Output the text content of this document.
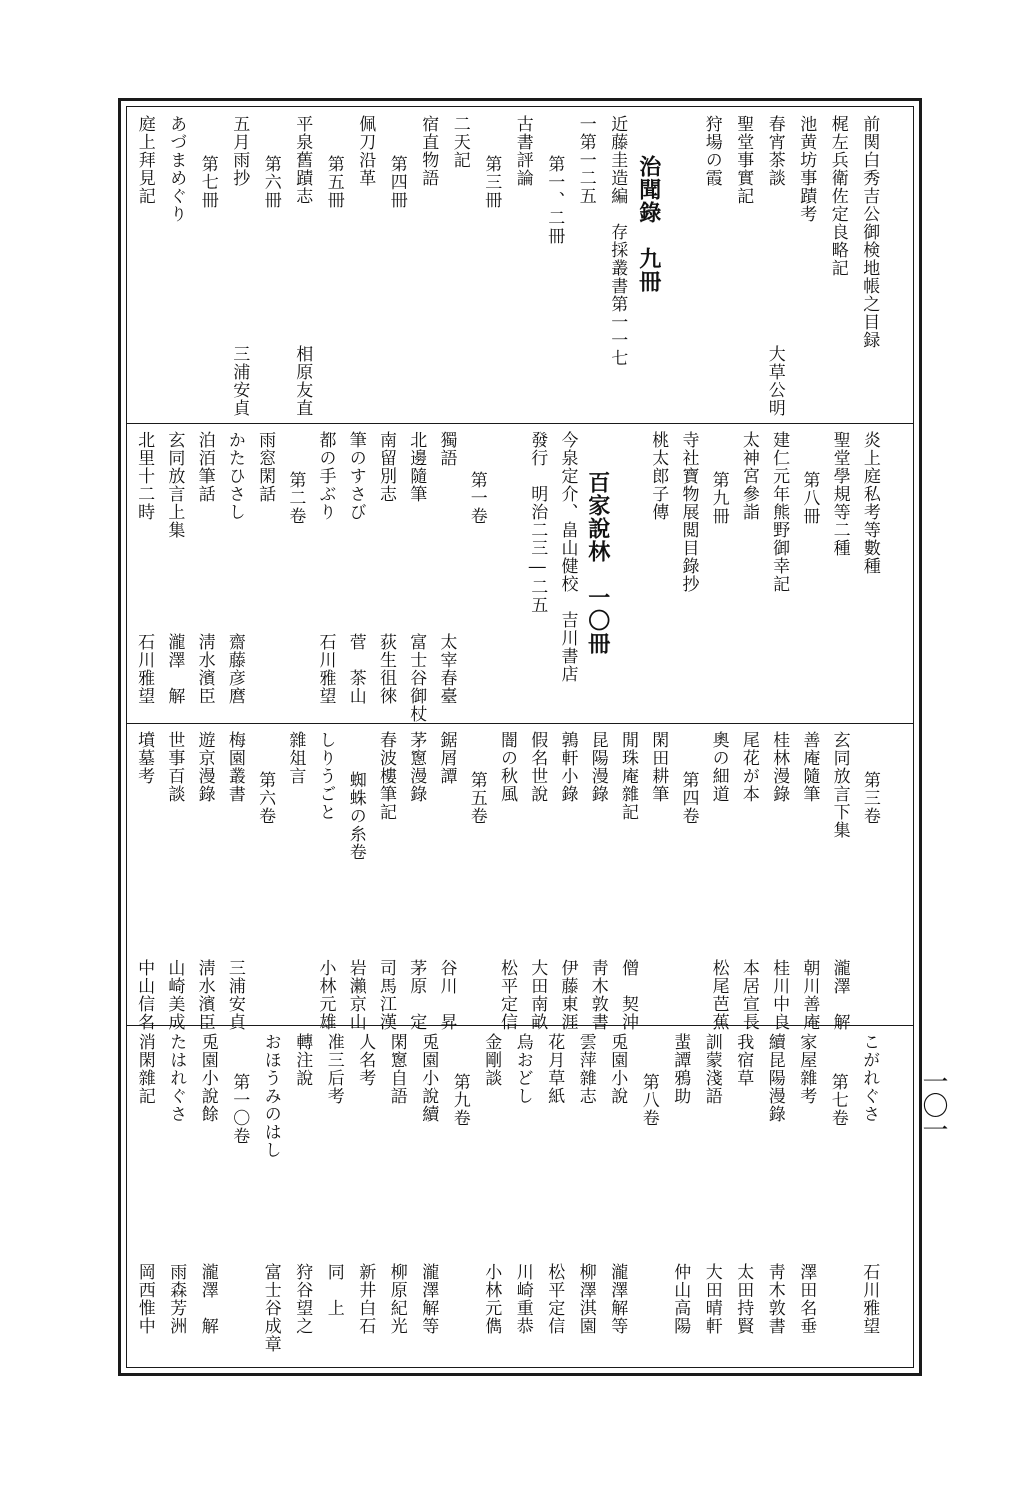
一〇一
前関白秀吉公御検地帳之目録
梶左兵衛佐定良略記
池黄坊事蹟考
春宵茶談
大草公明
聖堂事實記
狩場の霞
治聞錄　九冊
近藤圭造編　存採叢書第一一七
一第一二五
第一、二冊
古書評論
第三冊
二天記
宿直物語
第四冊
佩刀沿革
第五冊
平泉舊蹟志
相原友直
第六冊
五月雨抄
三浦安貞
第七冊
あづまめぐり
庭上拜見記
炎上庭私考等數種
聖堂學規等二種
第八冊
建仁元年熊野御幸記
太神宮參詣
第九冊
寺社寶物展閲目錄抄
桃太郎子傳
百家說林　一〇冊
今泉定介、畠山健校　吉川書店
發行　明治二三―二五
第一卷
獨語
太宰春臺
北邊隨筆
富士谷御杖
南留別志
荻生徂徠
筆のすさび
菅　茶山
都の手ぶり
石川雅望
第二卷
雨窓閑話
かたひさし
齋藤彦麿
泊洦筆話
淸水濱臣
玄同放言上集
瀧澤　解
北里十二時
石川雅望
第三卷
玄同放言下集
瀧澤　解
善庵隨筆
朝川善庵
桂林漫錄
桂川中良
尾花が本
本居宣長
奧の細道
松尾芭蕉
第四卷
閑田耕筆
閒珠庵雜記
僧　契沖
昆陽漫錄
靑木敦書
鶉軒小錄
伊藤東涯
假名世說
大田南畝
闇の秋風
松平定信
第五卷
鋸屑譚
谷川　昇
茅窻漫錄
茅原　定
春波樓筆記
司馬江漢
蜘蛛の糸卷
岩瀨京山
しりうごと
小林元雄
雜俎言
第六卷
梅園叢書
三浦安貞
遊京漫錄
淸水濱臣
世事百談
山崎美成
墳墓考
中山信名
こがれぐさ
石川雅望
第七卷
家屋雜考
澤田名垂
續昆陽漫錄
靑木敦書
我宿草
太田持賢
訓蒙淺語
大田晴軒
蜚譚鴉助
仲山高陽
第八卷
兎園小說
瀧澤解等
雲萍雜志
柳澤淇園
花月草紙
松平定信
烏おどし
川崎重恭
金剛談
小林元儁
第九卷
兎園小說續
瀧澤解等
閑窻自語
柳原紀光
人名考
新井白石
准三后考
同　上
轉注說
狩谷望之
おほうみのはし
富士谷成章
第一〇卷
兎園小說餘
瀧澤　解
たはれぐさ
雨森芳洲
消閑雜記
岡西惟中
